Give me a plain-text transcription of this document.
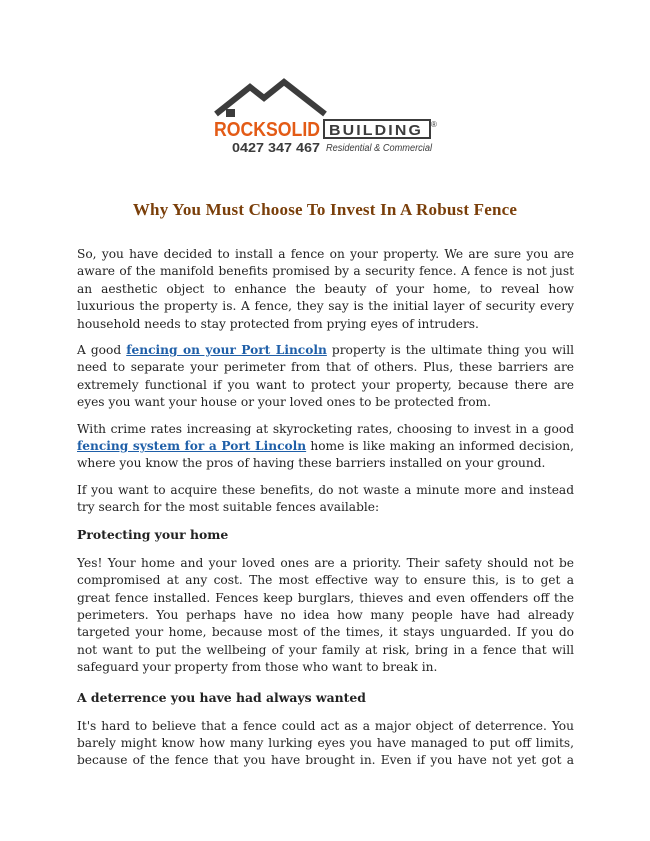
ROCKSOLID BUILDING ®
0427 347 467 Residential & Commercial
Why You Must Choose To Invest In A Robust Fence

So, you have decided to install a fence on your property. We are sure you are aware of the manifold benefits promised by a security fence. A fence is not just an aesthetic object to enhance the beauty of your home, to reveal how luxurious the property is. A fence, they say is the initial layer of security every household needs to stay protected from prying eyes of intruders.

A good fencing on your Port Lincoln property is the ultimate thing you will need to separate your perimeter from that of others. Plus, these barriers are extremely functional if you want to protect your property, because there are eyes you want your house or your loved ones to be protected from.

With crime rates increasing at skyrocketing rates, choosing to invest in a good fencing system for a Port Lincoln home is like making an informed decision, where you know the pros of having these barriers installed on your ground.

If you want to acquire these benefits, do not waste a minute more and instead try search for the most suitable fences available:

Protecting your home

Yes! Your home and your loved ones are a priority. Their safety should not be compromised at any cost. The most effective way to ensure this, is to get a great fence installed. Fences keep burglars, thieves and even offenders off the perimeters. You perhaps have no idea how many people have had already targeted your home, because most of the times, it stays unguarded. If you do not want to put the wellbeing of your family at risk, bring in a fence that will safeguard your property from those who want to break in.

A deterrence you have had always wanted

It's hard to believe that a fence could act as a major object of deterrence. You barely might know how many lurking eyes you have managed to put off limits, because of the fence that you have brought in. Even if you have not yet got a
